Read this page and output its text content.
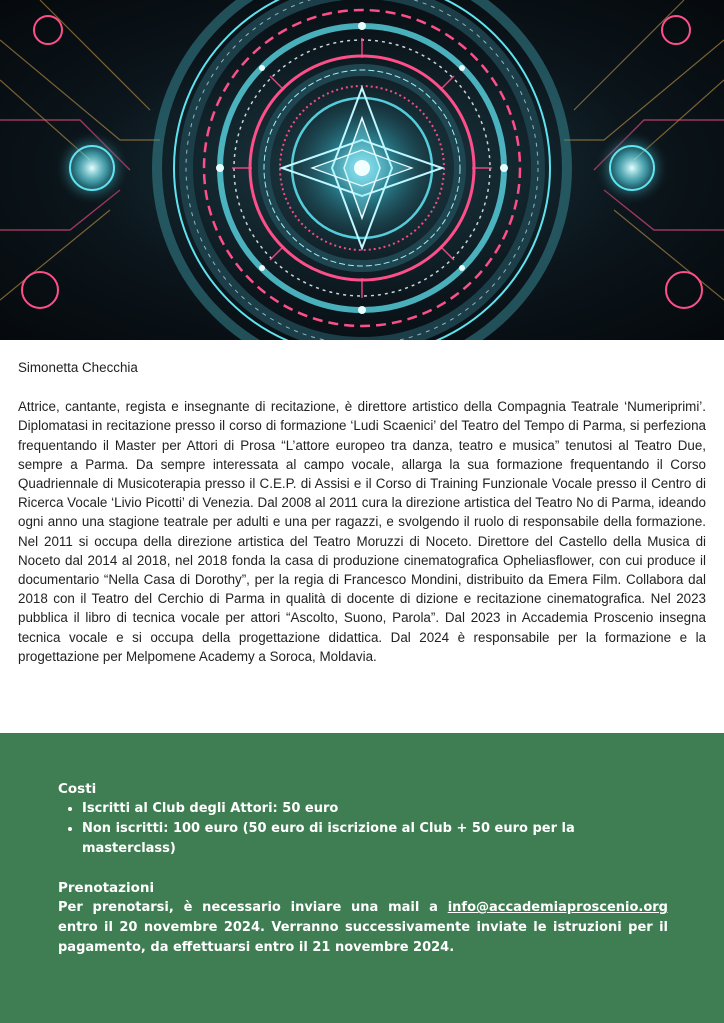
Simonetta Checchia

Attrice, cantante, regista e insegnante di recitazione, è direttore artistico della Compagnia Teatrale ‘Numeriprimi’. Diplomatasi in recitazione presso il corso di formazione ‘Ludi Scaenici’ del Teatro del Tempo di Parma, si perfeziona frequentando il Master per Attori di Prosa “L’attore europeo tra danza, teatro e musica” tenutosi al Teatro Due, sempre a Parma. Da sempre interessata al campo vocale, allarga la sua formazione frequentando il Corso Quadriennale di Musicoterapia presso il C.E.P. di Assisi e il Corso di Training Funzionale Vocale presso il Centro di Ricerca Vocale ‘Livio Picotti’ di Venezia. Dal 2008 al 2011 cura la direzione artistica del Teatro No di Parma, ideando ogni anno una stagione teatrale per adulti e una per ragazzi, e svolgendo il ruolo di responsabile della formazione. Nel 2011 si occupa della direzione artistica del Teatro Moruzzi di Noceto. Direttore del Castello della Musica di Noceto dal 2014 al 2018, nel 2018 fonda la casa di produzione cinematografica Opheliasflower, con cui produce il documentario “Nella Casa di Dorothy”, per la regia di Francesco Mondini, distribuito da Emera Film. Collabora dal 2018 con il Teatro del Cerchio di Parma in qualità di docente di dizione e recitazione cinematografica. Nel 2023 pubblica il libro di tecnica vocale per attori “Ascolto, Suono, Parola”. Dal 2023 in Accademia Proscenio insegna tecnica vocale e si occupa della progettazione didattica. Dal 2024 è responsabile per la formazione e la progettazione per Melpomene Academy a Soroca, Moldavia.

Costi
• Iscritti al Club degli Attori: 50 euro
• Non iscritti: 100 euro (50 euro di iscrizione al Club + 50 euro per la masterclass)
Prenotazioni

Per prenotarsi, è necessario inviare una mail a info@accademiaproscenio.org entro il 20 novembre 2024. Verranno successivamente inviate le istruzioni per il pagamento, da effettuarsi entro il 21 novembre 2024.
